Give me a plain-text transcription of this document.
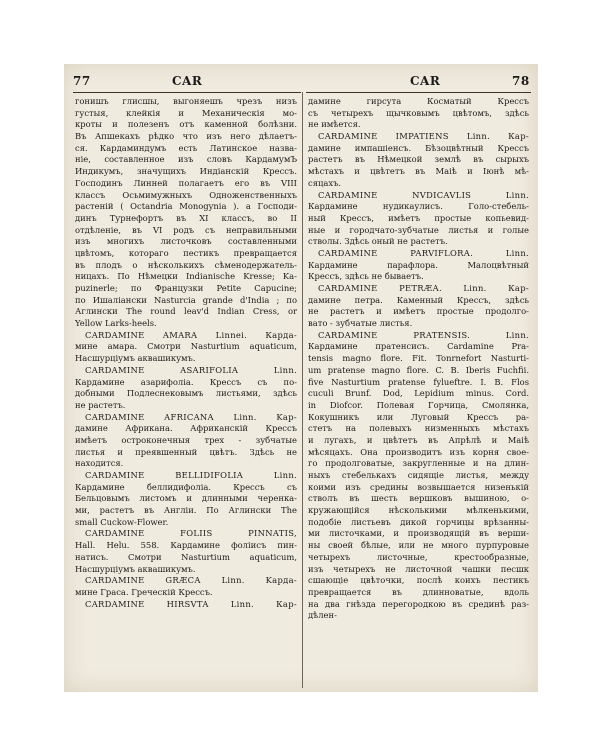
77	CAR	CAR	78
гонишъ глисшы, выгоняешъ чрезъ низъ
густыя, клейкія и Механическія мо-
кроты и полезенъ отъ каменной болѣзни.
Въ Апшекахъ рѣдко что изъ него дѣлаетъ-
ся. Кардаминдумъ есть Латинское назва-
ніе, составленное изъ словъ КардамумЪ
Индикумъ, значущихъ Индіанскій Крессъ.
Господинъ Линней полагаетъ его въ VIII
классъ Осьмимужныхъ Одноженственныхъ
растеній ( Octandria Monogynia ). а Господи-
динъ Турнефортъ въ XI классъ, во II
отдѣленіе, въ VI родъ съ неправильными
изъ многихъ листочковъ составленными
цвѣтомъ, котораго пестикъ превращается
въ плодъ о нѣсколькихъ сѣменодержатель-
ницахъ. По Нѣмецки Indianische Kresse; Ka-
puzinerle; по Французки Petite Capucine;
по Ишаліански Nasturcia grande d'India ; по
Аглински The round leav'd Indian Cress, or
Yellow Larks-heels.
CARDAMINE AMARA Linnei. Кардa-
мине амара. Смотри Nasturtium aquaticum,
Насшурціумъ аквашикумъ.
CARDAMINE ASARIFOLIA Linn.
Кардамине азарифоліа. Крессъ съ по-
добными Подлеснековымъ листьями, здѣсь
не растетъ.
CARDAMINE AFRICANA Linn. Kap-
дамине Африкана. Африканскій Крессъ
имѣетъ остроконечныя трех - зубчатые
листья и преявшенный цвѣтъ. Здѣсь не
находится.
CARDAMINE BELLIDIFOLIA Linn.
Кардамине беллидифоліа. Крессъ съ
Бельцовымъ листомъ и длинными черенка-
ми, растетъ въ Англіи. По Аглински The
small Cuckow-Flower.
CARDAMINE FOLIIS PINNATIS,
Hall. Helu. 558. Кардамине фоліисъ пин-
натисъ. Смотри Nasturtium aquaticum,
Насшурціумъ аквашикумъ.
CARDAMINE GRÆCA Linn. Kapдa-
мине Граса. Греческій Крессъ.
CARDAMINE HIRSVTA Linn. Кар-
дамине гирсута Косматый Крессъ
съ четырехъ щычковымъ цвѣтомъ, здѣсь
не имѣется.
CARDAMINE IMPATIENS Linn. Кар-
дамине импашіенсъ. Бѣзоцвѣтный Крессъ
растетъ въ Нѣмецкой землѣ въ сырыхъ
мѣстахъ и цвѣтетъ въ Маіѣ и Іюнѣ мѣ-
сяцахъ.
CARDAMINE NVDICAVLIS Linn.
Кардамине нудикаулисъ. Голо-стебель-
ный Крессъ, имѣетъ простые копьевид-
ные и городчато-зубчатые листья и голые
стволы. Здѣсь оный не растетъ.
CARDAMINE PARVIFLORA. Linn.
Кардамине парафлора. Малоцвѣтный
Крессъ, здѣсь не бываетъ.
CARDAMINE PETRÆA. Linn. Кар-
дамине петра. Каменный Крессъ, здѣсь
не растетъ и имѣетъ простые продолго-
вато - зубчатые листья.
CARDAMINE PRATENSIS. Linn.
Кардамине пратенсисъ. Cardamine Pra-
tensis magno flore. Fit. Tonrnefort Nasturti-
um pratense magno flore. C. B. Iberis Fuchfii.
five Nasturtium pratense fylueftre. I. B. Flos
cuculi Brunf. Dod, Lepidium minus. Cord.
in Diofcor. Полевая Горчица, Смолянка,
Кокушникъ или Луговый Крессъ ра-
стетъ на полевыхъ низменныхъ мѣстахъ
и лугахъ, и цвѣтетъ въ Апрѣлѣ и Маіѣ
мѣсяцахъ. Она производитъ изъ корня свое-
го продолговатые, закругленные и на длин-
ныхъ стебелькахъ сидящіе листья, между
коими изъ средины возвышается низенькій
стволъ въ шесть вершковъ вышиною, о-
кружающійся нѣсколькими мѣлкенькими,
подобіе листьевъ дикой горчицы врѣзанны-
ми листочками, и производящій въ верши-
ны своей бѣлые, или не много пурпуровые
четырехъ листочные, крестообразные,
изъ четырехъ не листочной чашки песшк
сшающіе цвѣточки, послѣ коихъ пестикъ
превращается въ длинноватые, вдоль
на два гнѣзда перегородкою въ срединѣ раз-
дѣлен-
